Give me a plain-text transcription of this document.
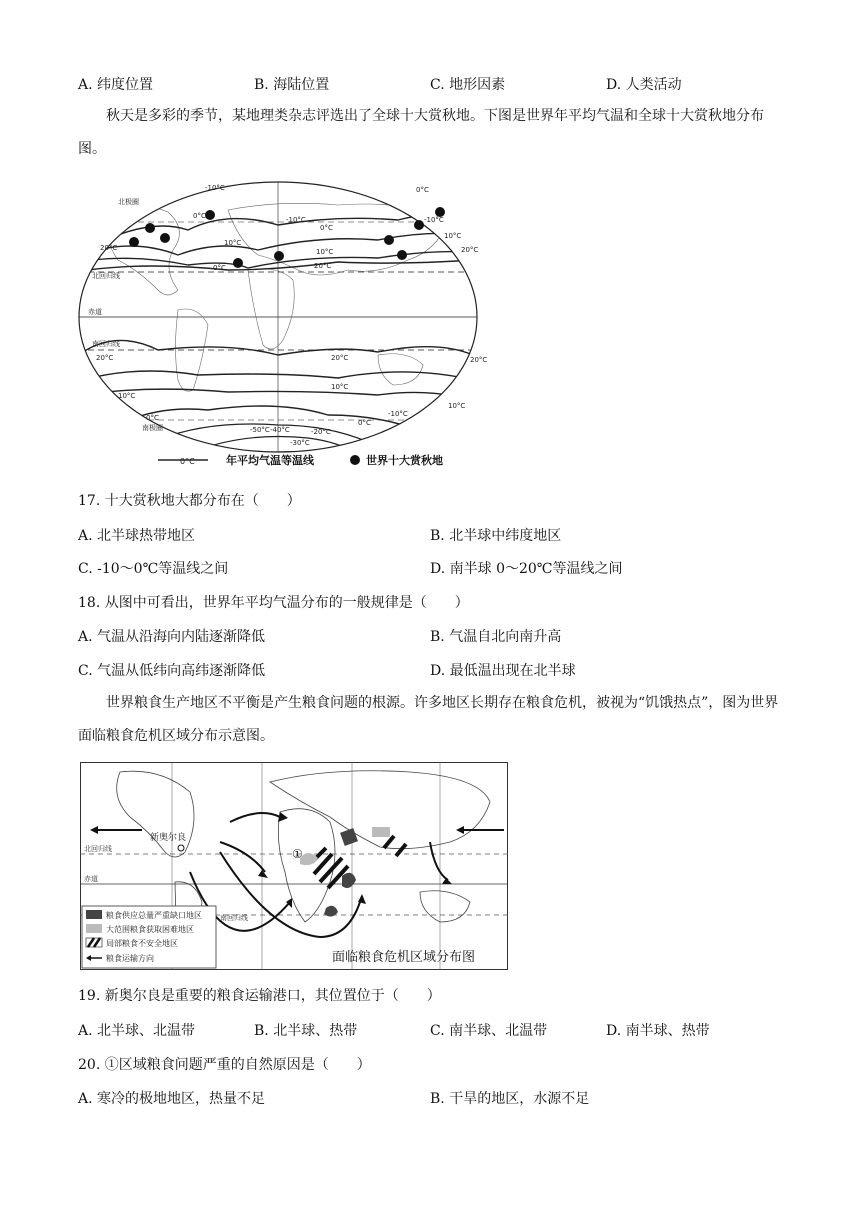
A. 纬度位置	B. 海陆位置	C. 地形因素	D. 人类活动
秋天是多彩的季节，某地理类杂志评选出了全球十大赏秋地。下图是世界年平均气温和全球十大赏秋地分布图。
北极圈
北回归线
赤道
南回归线
南极圈
-10°C
0°C	-10°C
0°C
10°C
20°C
0°C
10°C
20°C
0°C
-10°C
10°C
20°C
20°C	20°C
10°C
10°C
0°C
-20°C
-30°C
-40°C
-50°C
20°C
0°C
-10°C
10°C
0°C	年平均气温等温线	世界十大赏秋地
17. 十大赏秋地大都分布在（　　）
A. 北半球热带地区	B. 北半球中纬度地区
C. -10～0℃等温线之间	D. 南半球 0～20℃等温线之间
18. 从图中可看出，世界年平均气温分布的一般规律是（　　）
A. 气温从沿海向内陆逐渐降低	B. 气温自北向南升高
C. 气温从低纬向高纬逐渐降低	D. 最低温出现在北半球
世界粮食生产地区不平衡是产生粮食问题的根源。许多地区长期存在粮食危机，被视为“饥饿热点”，图为世界面临粮食危机区域分布示意图。
新奥尔良
①
北回归线
赤道
南回归线
粮食供应总量严重缺口地区
大范围粮食获取困难地区
局部粮食不安全地区
粮食运输方向	面临粮食危机区域分布图
19. 新奥尔良是重要的粮食运输港口，其位置位于（　　）
A. 北半球、北温带	B. 北半球、热带	C. 南半球、北温带	D. 南半球、热带
20. ①区域粮食问题严重的自然原因是（　　）
A. 寒冷的极地地区，热量不足	B. 干旱的地区，水源不足
